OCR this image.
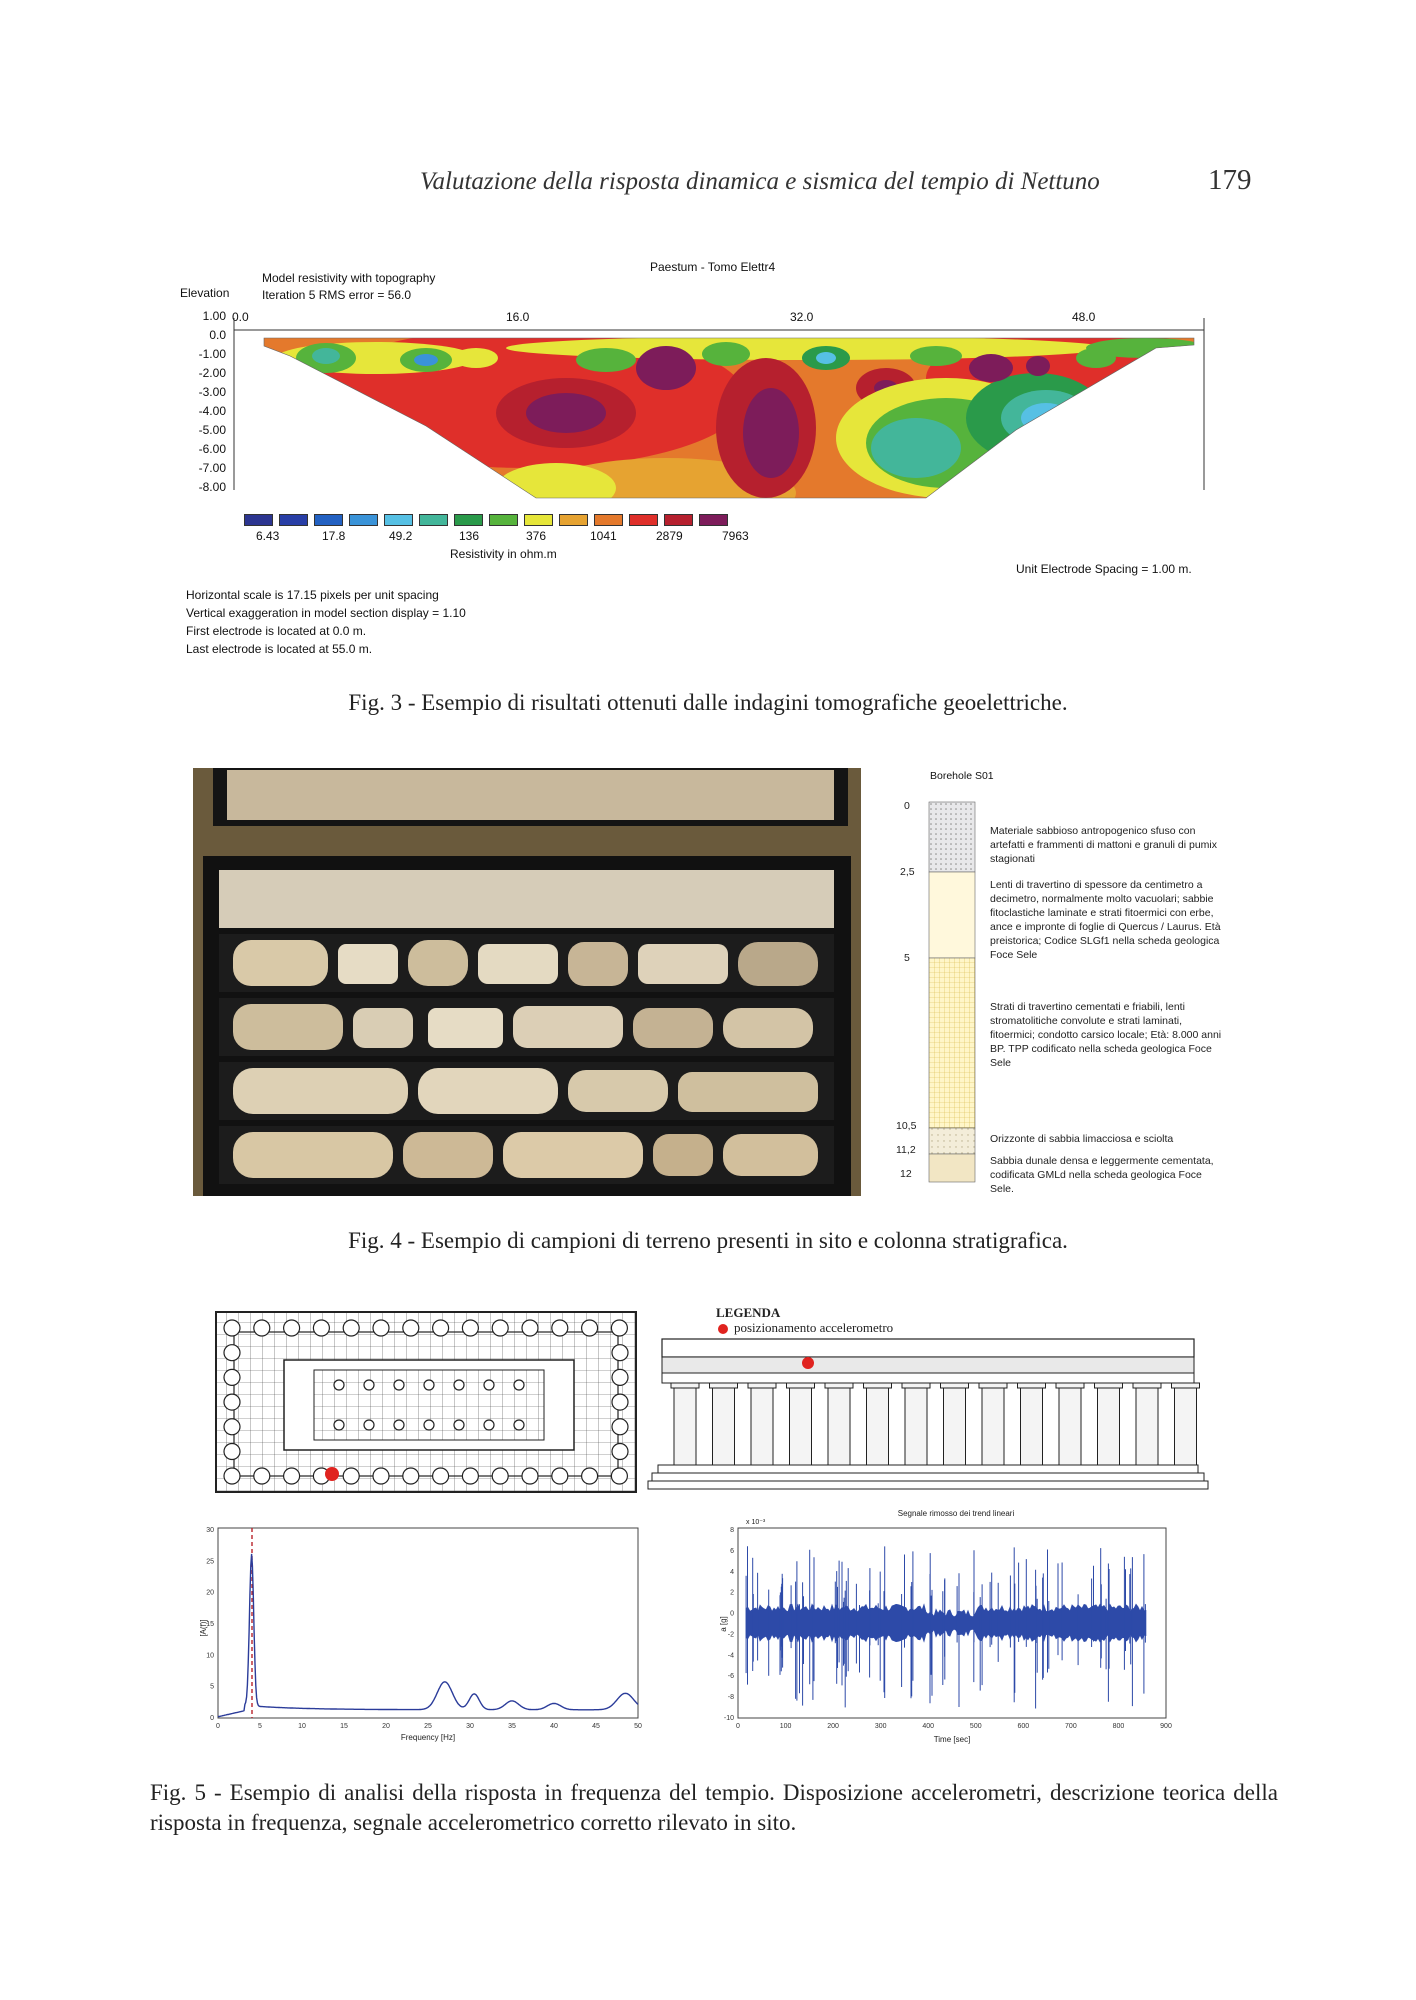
Valutazione della risposta dinamica e sismica del tempio di Nettuno	179
Paestum - Tomo Elettr4
Model resistivity with topography
Iteration 5 RMS error = 56.0
Elevation
1.00
0.0
-1.00
-2.00
-3.00
-4.00
-5.00
-6.00
-7.00
-8.00
0.0	16.0	32.0	48.0
6.43	17.8	49.2	136	376	1041	2879	7963
Resistivity in ohm.m
Unit Electrode Spacing = 1.00 m.
Horizontal scale is 17.15 pixels per unit spacing
Vertical exaggeration in model section display = 1.10
First electrode is located at 0.0 m.
Last electrode is located at 55.0 m.
Fig. 3 - Esempio di risultati ottenuti dalle indagini tomografiche geoelettriche.
Borehole S01
0
2,5
5
10,5
11,2
12
Materiale sabbioso antropogenico sfuso con artefatti e frammenti di mattoni e granuli di pumix stagionati
Lenti di travertino di spessore da centimetro a decimetro, normalmente molto vacuolari; sabbie fitoclastiche laminate e strati fitoermici con erbe, ance e impronte di foglie di Quercus / Laurus. Età preistorica; Codice SLGf1 nella scheda geologica Foce Sele
Strati di travertino cementati e friabili, lenti stromatolitiche convolute e strati laminati, fitoermici; condotto carsico locale; Età: 8.000 anni BP. TPP codificato nella scheda geologica Foce Sele
Orizzonte di sabbia limacciosa e sciolta
Sabbia dunale densa e leggermente cementata, codificata GMLd nella scheda geologica Foce Sele.
Fig. 4 - Esempio di campioni di terreno presenti in sito e colonna stratigrafica.
LEGENDA
posizionamento accelerometro
0	5	10	15	20	25	30	35	40	45	50
30
25
20
15
10
5
0
Frequency [Hz]
[A(f)]
Segnale rimosso dei trend lineari
x 10⁻³
0	100	200	300	400	500	600	700	800	900
8
6
4
2
0
-2
-4
-6
-8
-10
Time [sec]
a [g]
Fig. 5 - Esempio di analisi della risposta in frequenza del tempio. Disposizione accelerometri, descrizione teorica della risposta in frequenza, segnale accelerometrico corretto rilevato in sito.
